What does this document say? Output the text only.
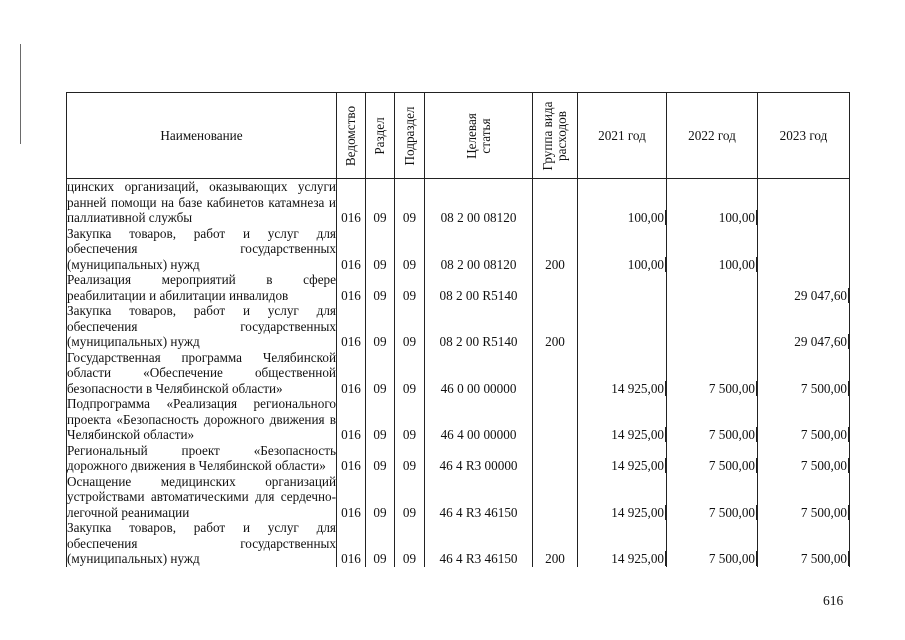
Наименование	Ведомство	Раздел	Подраздел	Целевая статья	Группа вида расходов	2021 год	2022 год	2023 год
цинских организаций, оказывающих услуги ранней помощи на базе кабинетов катамнеза и паллиативной службы	016	09	09	08 2 00 08120		100,00	100,00	
Закупка товаров, работ и услуг для обеспечения государственных (муниципальных) нужд	016	09	09	08 2 00 08120	200	100,00	100,00	
Реализация мероприятий в сфере реабилитации и абилитации инвалидов	016	09	09	08 2 00 R5140				29 047,60
Закупка товаров, работ и услуг для обеспечения государственных (муниципальных) нужд	016	09	09	08 2 00 R5140	200			29 047,60
Государственная программа Челябинской области «Обеспечение общественной безопасности в Челябинской области»	016	09	09	46 0 00 00000		14 925,00	7 500,00	7 500,00
Подпрограмма «Реализация регионального проекта «Безопасность дорожного движения в Челябинской области»	016	09	09	46 4 00 00000		14 925,00	7 500,00	7 500,00
Региональный проект «Безопасность дорожного движения в Челябинской области»	016	09	09	46 4 R3 00000		14 925,00	7 500,00	7 500,00
Оснащение медицинских организаций устройствами автоматическими для сердечно-легочной реанимации	016	09	09	46 4 R3 46150		14 925,00	7 500,00	7 500,00
Закупка товаров, работ и услуг для обеспечения государственных (муниципальных) нужд	016	09	09	46 4 R3 46150	200	14 925,00	7 500,00	7 500,00
616
